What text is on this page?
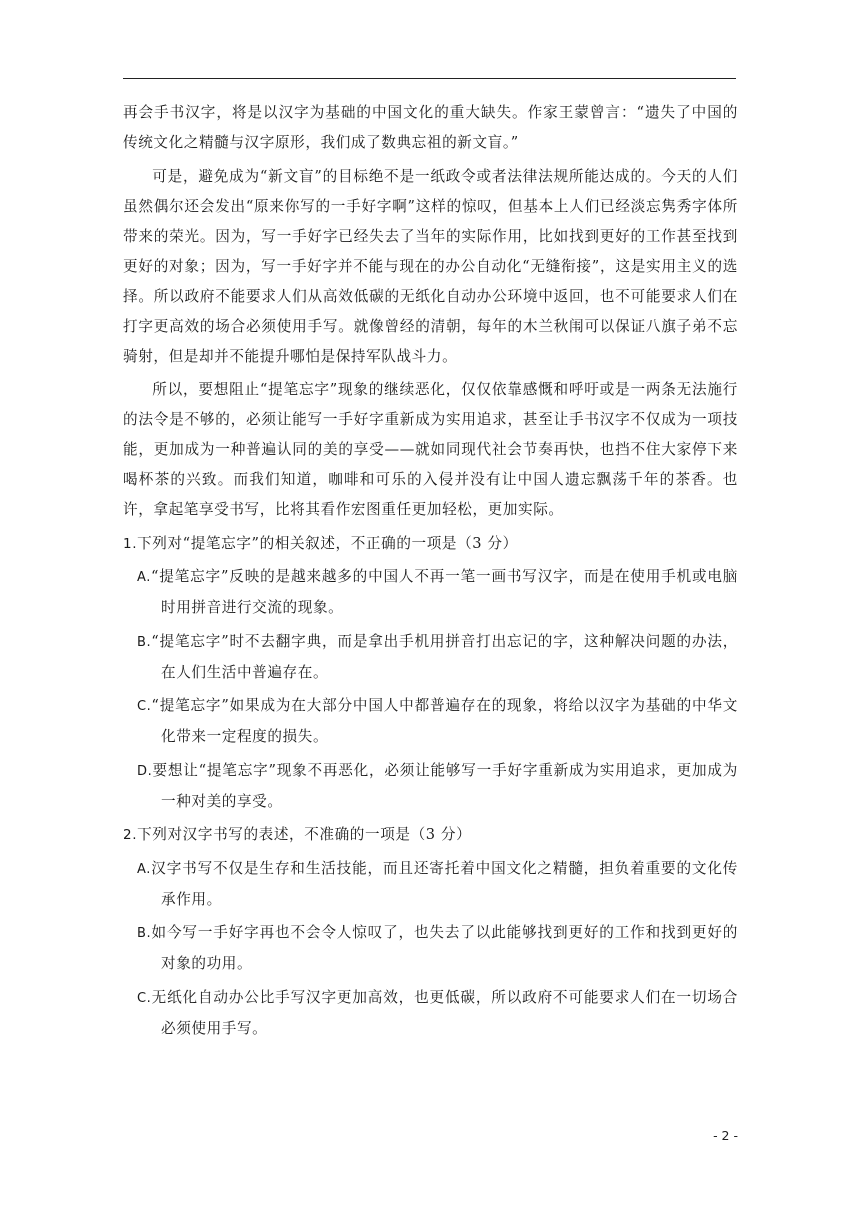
再会手书汉字，将是以汉字为基础的中国文化的重大缺失。作家王蒙曾言：“遗失了中国的传统文化之精髓与汉字原形，我们成了数典忘祖的新文盲。”

可是，避免成为“新文盲”的目标绝不是一纸政令或者法律法规所能达成的。今天的人们虽然偶尔还会发出“原来你写的一手好字啊”这样的惊叹，但基本上人们已经淡忘隽秀字体所带来的荣光。因为，写一手好字已经失去了当年的实际作用，比如找到更好的工作甚至找到更好的对象；因为，写一手好字并不能与现在的办公自动化“无缝衔接”，这是实用主义的选择。所以政府不能要求人们从高效低碳的无纸化自动办公环境中返回，也不可能要求人们在打字更高效的场合必须使用手写。就像曾经的清朝，每年的木兰秋闱可以保证八旗子弟不忘骑射，但是却并不能提升哪怕是保持军队战斗力。

所以，要想阻止“提笔忘字”现象的继续恶化，仅仅依靠感慨和呼吁或是一两条无法施行的法令是不够的，必须让能写一手好字重新成为实用追求，甚至让手书汉字不仅成为一项技能，更加成为一种普遍认同的美的享受——就如同现代社会节奏再快，也挡不住大家停下来喝杯茶的兴致。而我们知道，咖啡和可乐的入侵并没有让中国人遗忘飘荡千年的茶香。也许，拿起笔享受书写，比将其看作宏图重任更加轻松，更加实际。

1.下列对“提笔忘字”的相关叙述，不正确的一项是（3 分）
A.“提笔忘字”反映的是越来越多的中国人不再一笔一画书写汉字，而是在使用手机或电脑时用拼音进行交流的现象。
B.“提笔忘字”时不去翻字典，而是拿出手机用拼音打出忘记的字，这种解决问题的办法，在人们生活中普遍存在。
C.“提笔忘字”如果成为在大部分中国人中都普遍存在的现象，将给以汉字为基础的中华文化带来一定程度的损失。
D.要想让“提笔忘字”现象不再恶化，必须让能够写一手好字重新成为实用追求，更加成为一种对美的享受。
2.下列对汉字书写的表述，不准确的一项是（3 分）
A.汉字书写不仅是生存和生活技能，而且还寄托着中国文化之精髓，担负着重要的文化传承作用。
B.如今写一手好字再也不会令人惊叹了，也失去了以此能够找到更好的工作和找到更好的对象的功用。
C.无纸化自动办公比手写汉字更加高效，也更低碳，所以政府不可能要求人们在一切场合必须使用手写。
- 2 -
